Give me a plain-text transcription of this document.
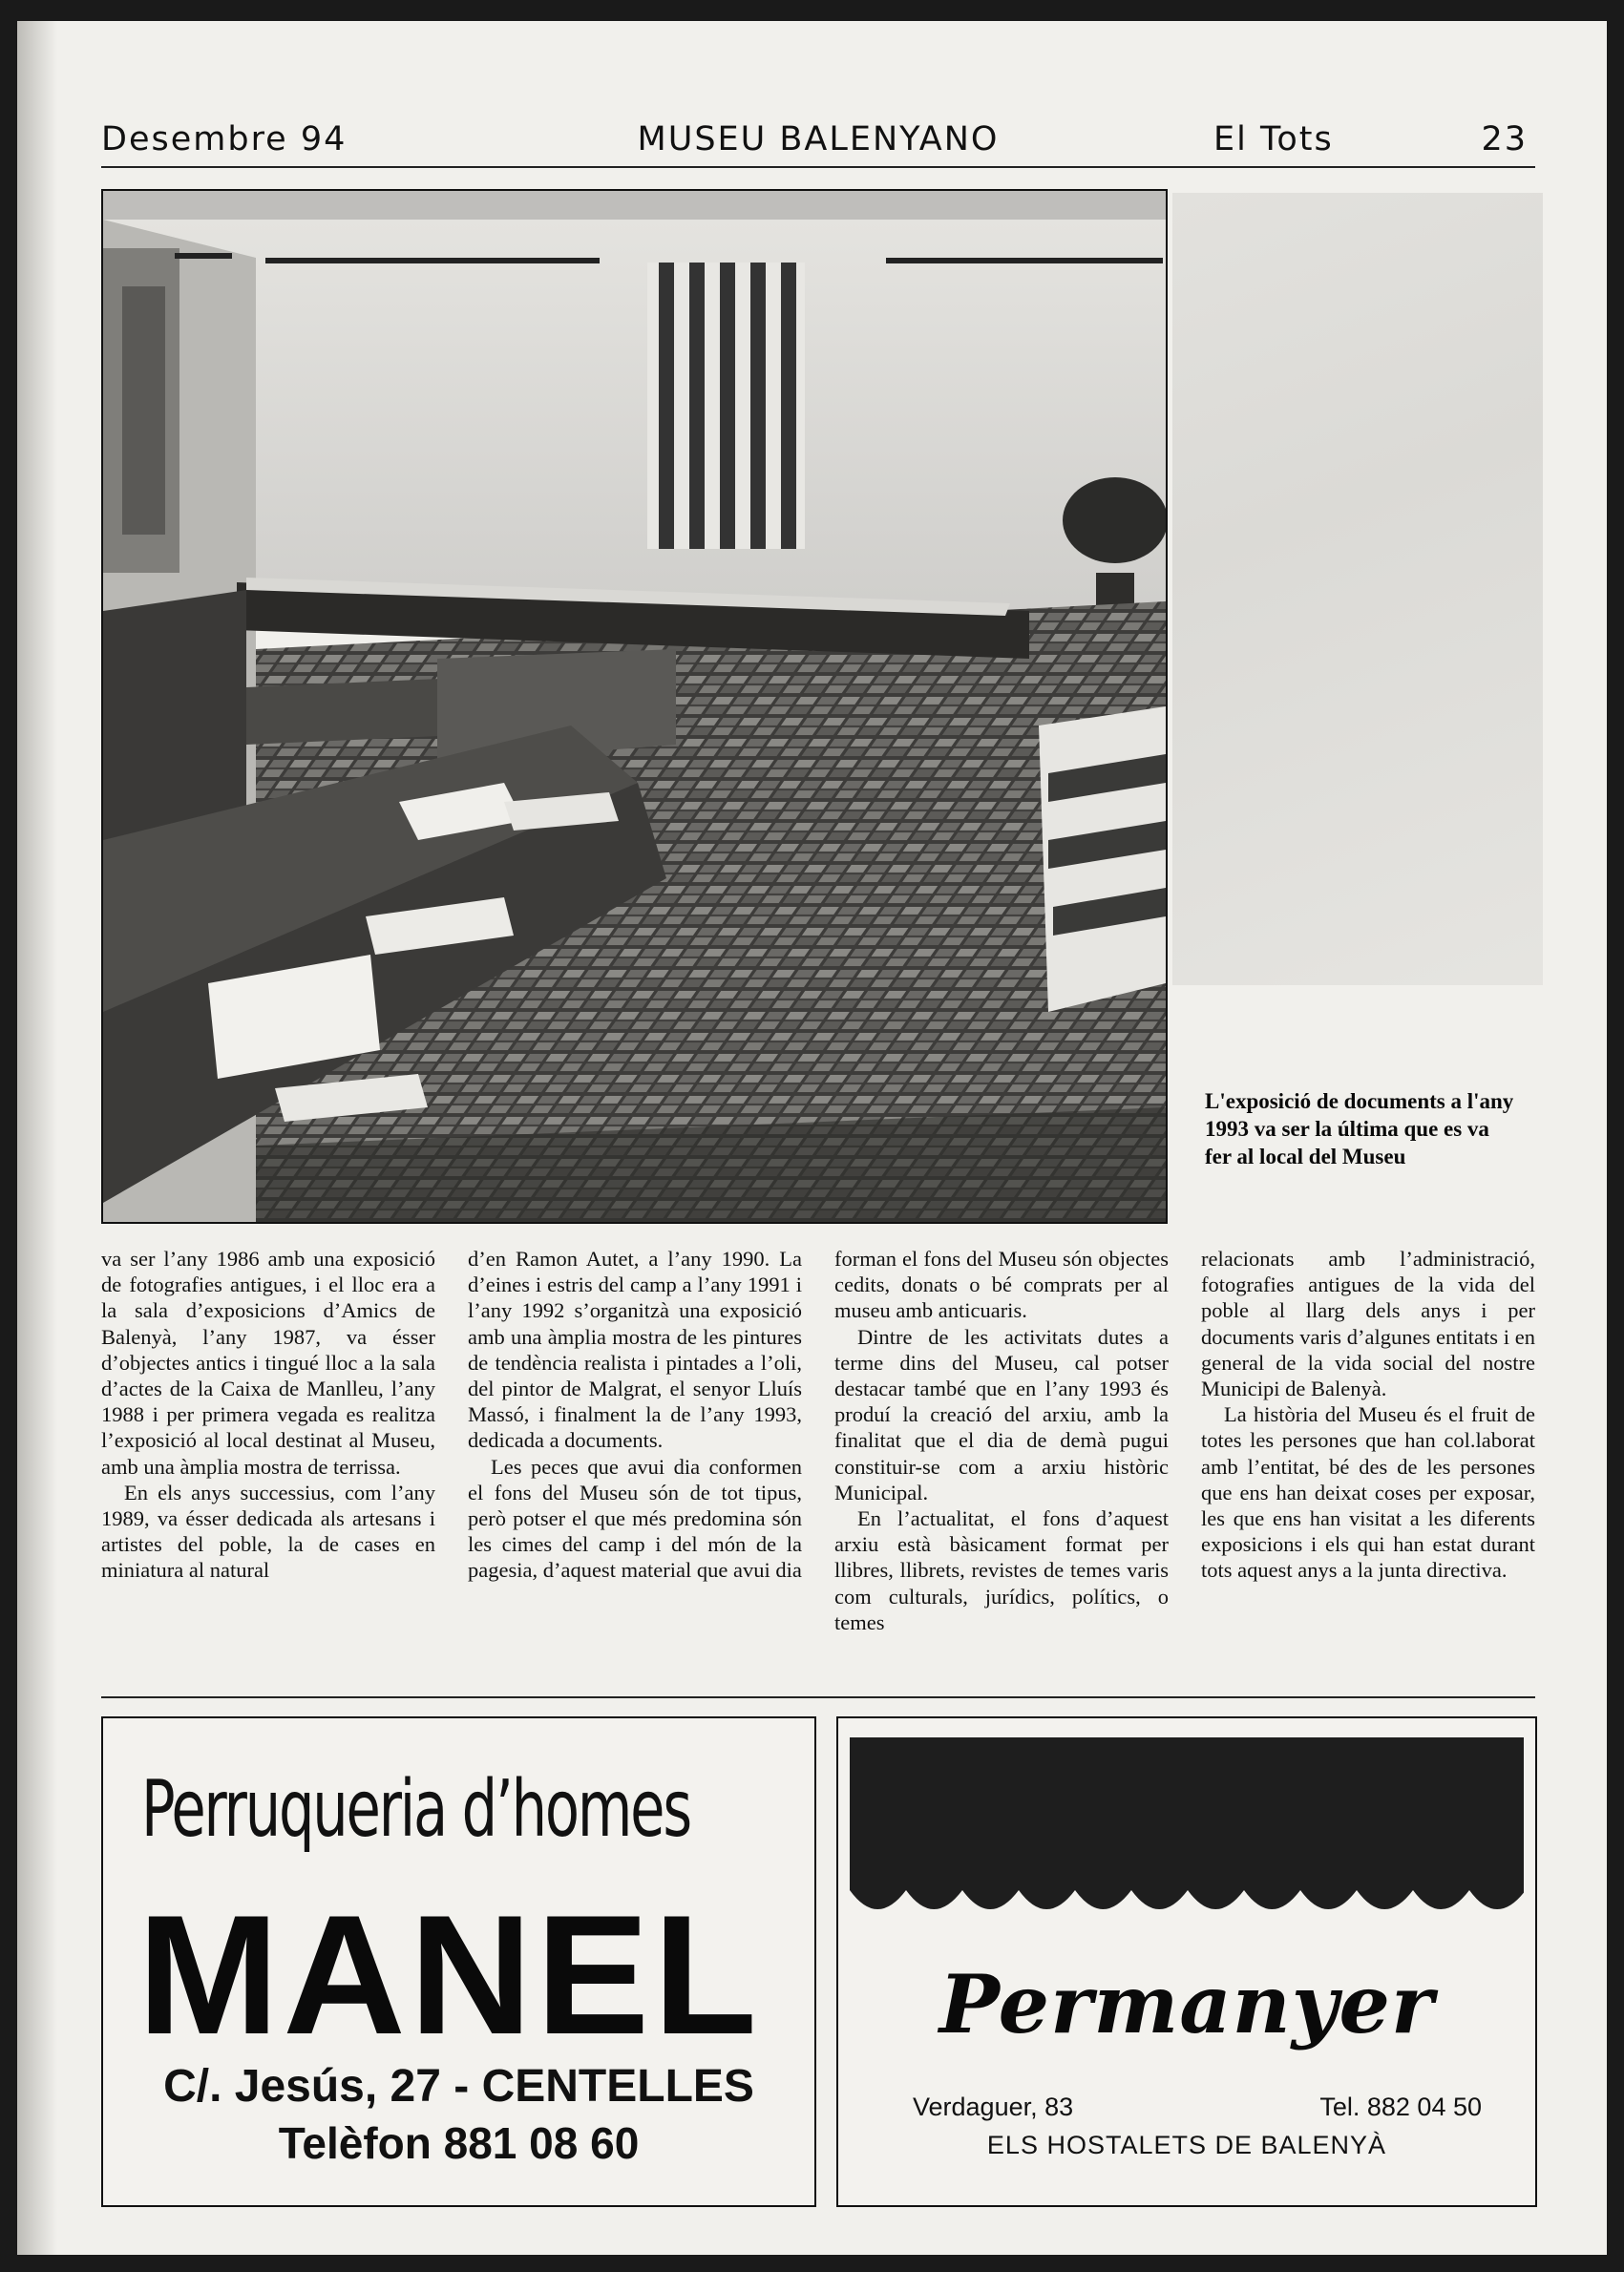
Desembre 94	MUSEU BALENYANO	El Tots	23
L'exposició de documents a l'any 1993 va ser la última que es va fer al local del Museu

va ser l’any 1986 amb una exposició de fotografies antigues, i el lloc era a la sala d’exposicions d’Amics de Balenyà, l’any 1987, va ésser d’objectes antics i tingué lloc a la sala d’actes de la Caixa de Manlleu, l’any 1988 i per primera vegada es realitza l’exposició al local destinat al Museu, amb una àmplia mostra de terrissa.

En els anys successius, com l’any 1989, va ésser dedicada als artesans i artistes del poble, la de cases en miniatura al natural

d’en Ramon Autet, a l’any 1990. La d’eines i estris del camp a l’any 1991 i l’any 1992 s’organitzà una exposició amb una àmplia mostra de les pintures de tendència realista i pintades a l’oli, del pintor de Malgrat, el senyor Lluís Massó, i finalment la de l’any 1993, dedicada a documents.

Les peces que avui dia conformen el fons del Museu són de tot tipus, però potser el que més predomina són les cimes del camp i del món de la pagesia, d’aquest material que avui dia

forman el fons del Museu són objectes cedits, donats o bé comprats per al museu amb anticuaris.

Dintre de les activitats dutes a terme dins del Museu, cal potser destacar també que en l’any 1993 és produí la creació del arxiu, amb la finalitat que el dia de demà pugui constituir-se com a arxiu històric Municipal.

En l’actualitat, el fons d’aquest arxiu està bàsicament format per llibres, llibrets, revistes de temes varis com culturals, jurídics, polítics, o temes

relacionats amb l’administració, fotografies antigues de la vida del poble al llarg dels anys i per documents varis d’algunes entitats i en general de la vida social del nostre Municipi de Balenyà.

La història del Museu és el fruit de totes les persones que han col.laborat amb l’entitat, bé des de les persones que ens han deixat coses per exposar, les que ens han visitat a les diferents exposicions i els qui han estat durant tots aquest anys a la junta directiva.

Perruqueria d’homes
MANEL
C/. Jesús, 27 - CENTELLES
Telèfon 881 08 60
Permanyer
Verdaguer, 83	Tel. 882 04 50
ELS HOSTALETS DE BALENYÀ
